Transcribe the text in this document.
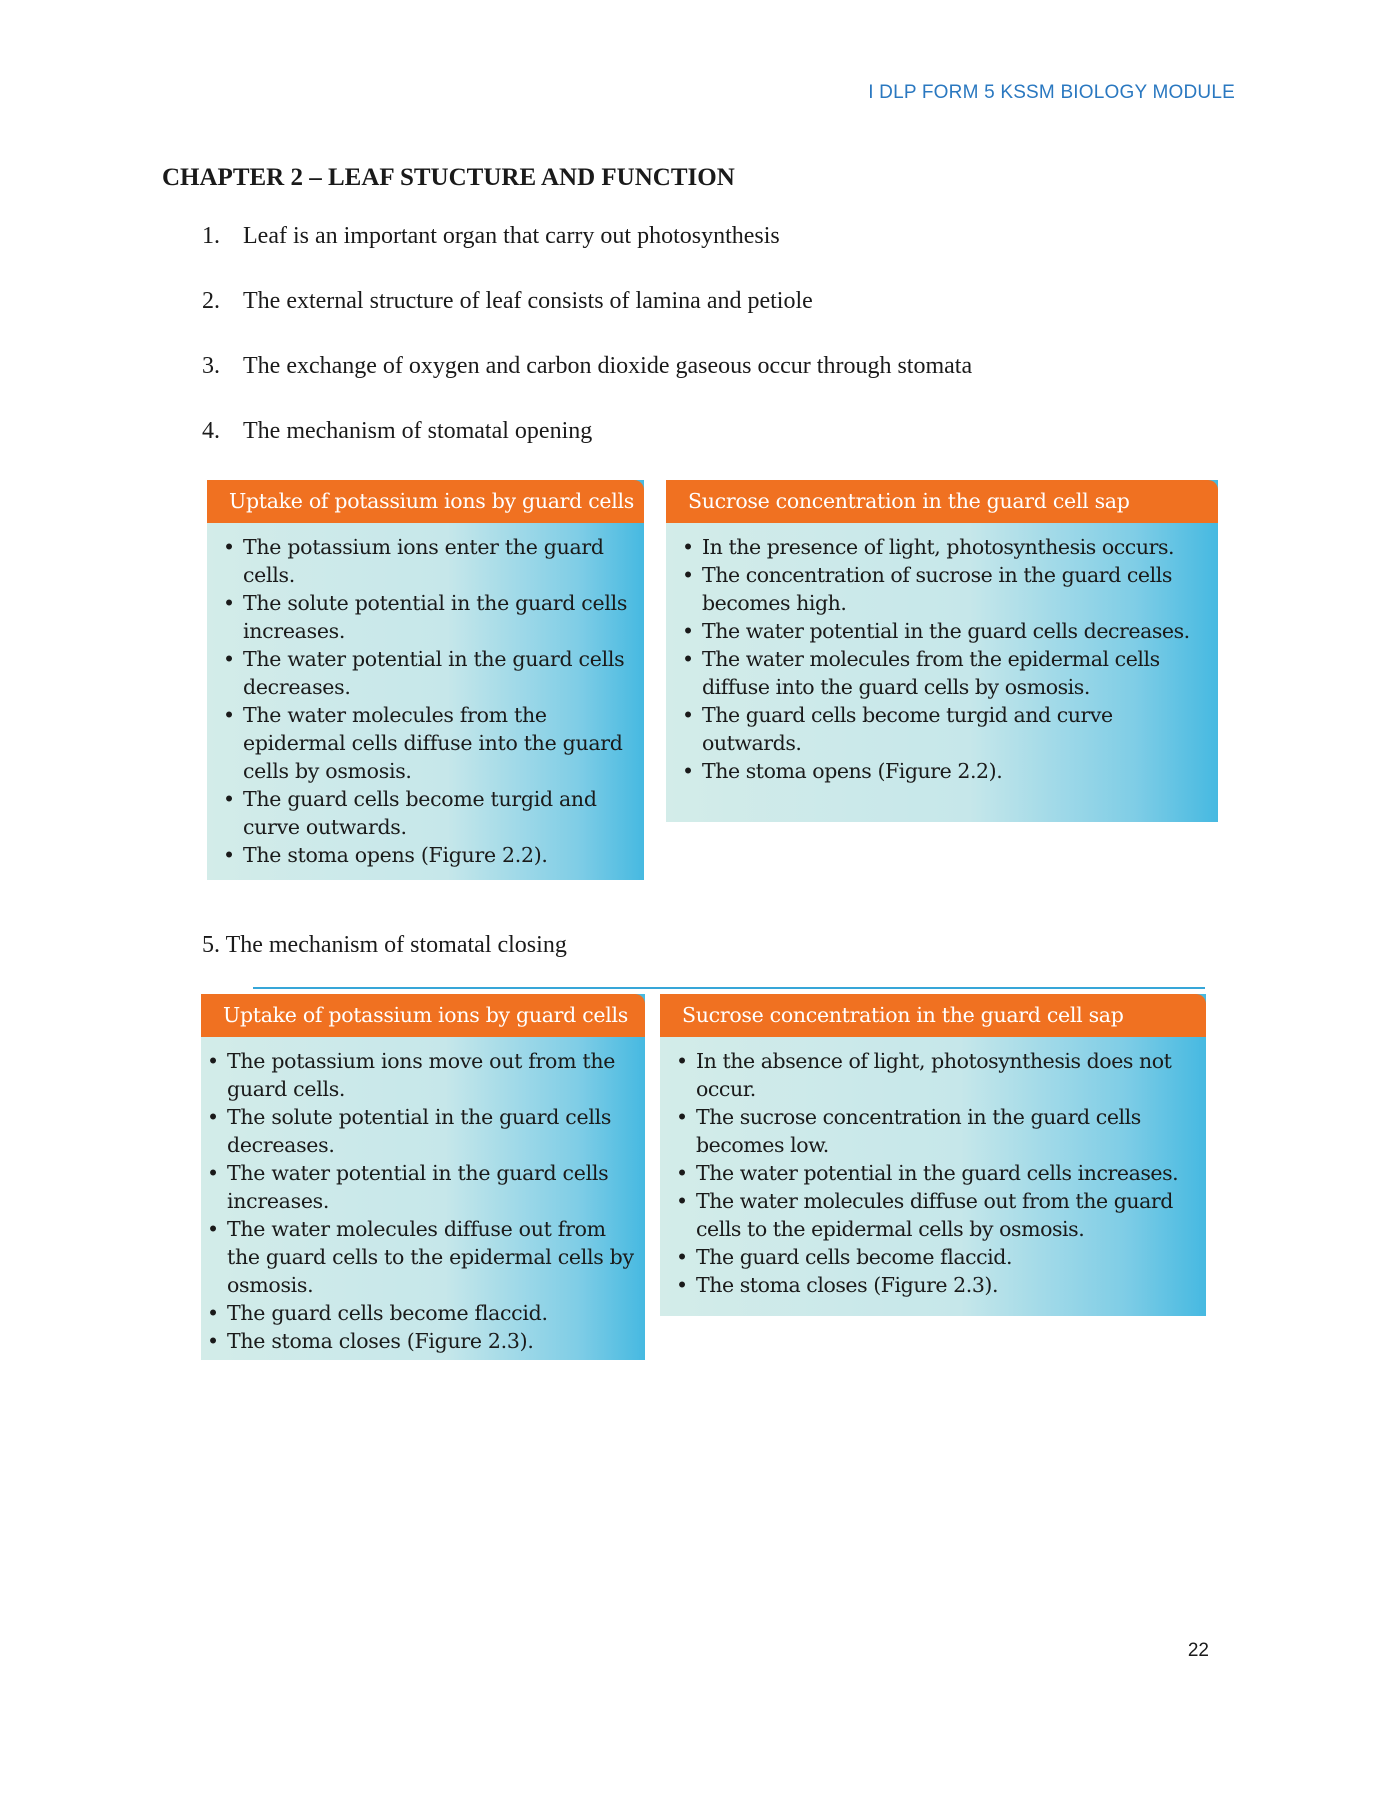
I DLP FORM 5 KSSM BIOLOGY MODULE
CHAPTER 2 – LEAF STUCTURE AND FUNCTION
1. Leaf is an important organ that carry out photosynthesis
2. The external structure of leaf consists of lamina and petiole
3. The exchange of oxygen and carbon dioxide gaseous occur through stomata
4. The mechanism of stomatal opening
Uptake of potassium ions by guard cells
• The potassium ions enter the guard cells.
• The solute potential in the guard cells increases.
• The water potential in the guard cells decreases.
• The water molecules from the epidermal cells diffuse into the guard cells by osmosis.
• The guard cells become turgid and curve outwards.
• The stoma opens (Figure 2.2).
Sucrose concentration in the guard cell sap
• In the presence of light, photosynthesis occurs.
• The concentration of sucrose in the guard cells becomes high.
• The water potential in the guard cells decreases.
• The water molecules from the epidermal cells diffuse into the guard cells by osmosis.
• The guard cells become turgid and curve outwards.
• The stoma opens (Figure 2.2).
5. The mechanism of stomatal closing
Uptake of potassium ions by guard cells
• The potassium ions move out from the guard cells.
• The solute potential in the guard cells decreases.
• The water potential in the guard cells increases.
• The water molecules diffuse out from the guard cells to the epidermal cells by osmosis.
• The guard cells become flaccid.
• The stoma closes (Figure 2.3).
Sucrose concentration in the guard cell sap
• In the absence of light, photosynthesis does not occur.
• The sucrose concentration in the guard cells becomes low.
• The water potential in the guard cells increases.
• The water molecules diffuse out from the guard cells to the epidermal cells by osmosis.
• The guard cells become flaccid.
• The stoma closes (Figure 2.3).
22
